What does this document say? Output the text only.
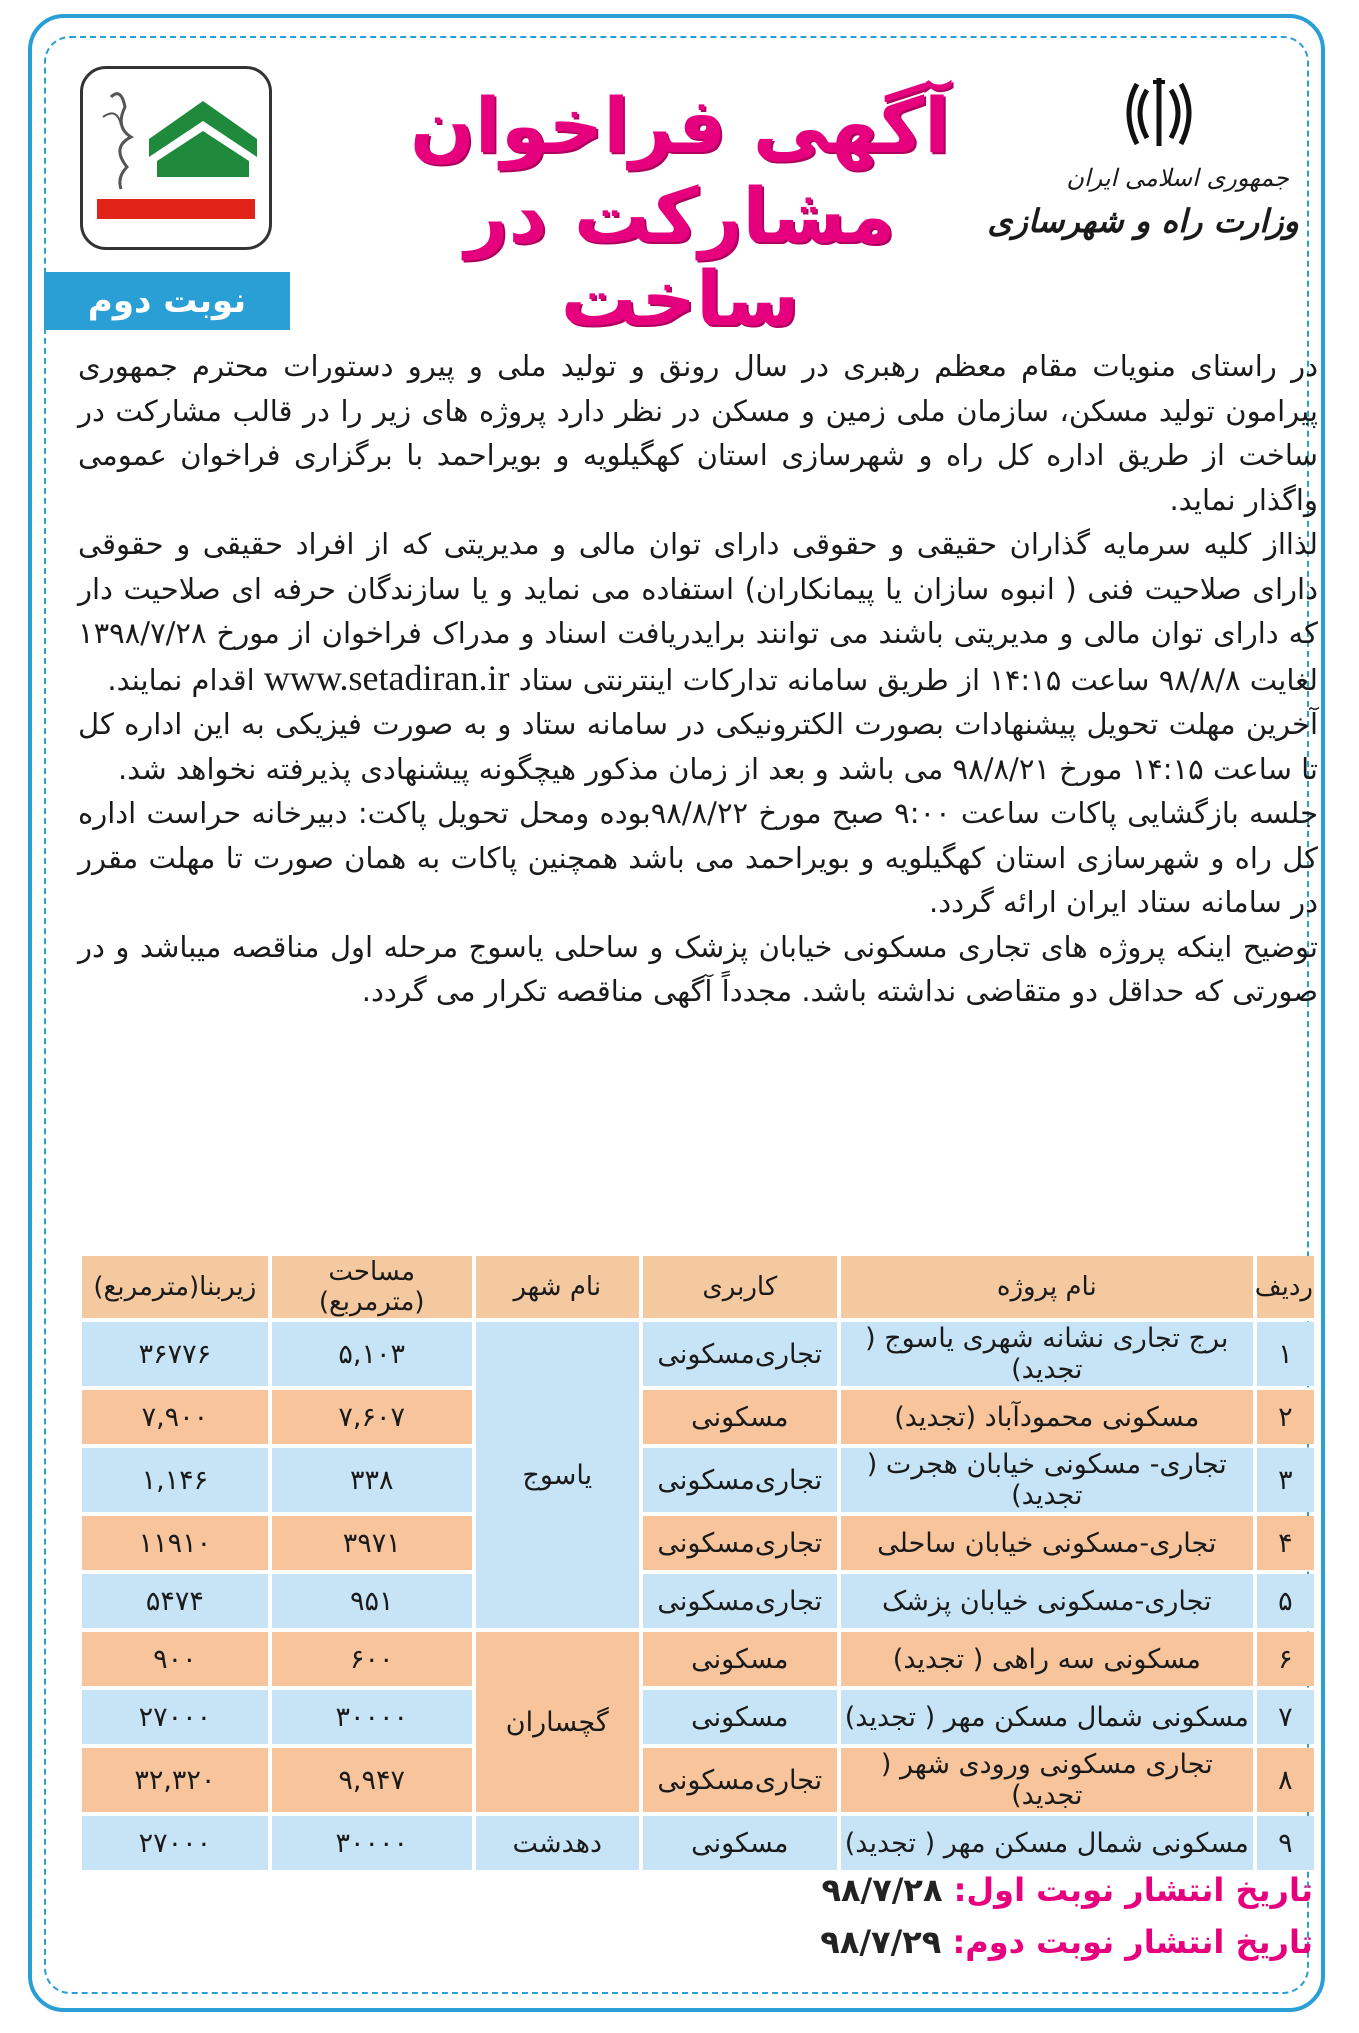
جمهوری اسلامی ایران
وزارت راه و شهرسازی
آگهی فراخوان
مشارکت در ساخت
نوبت دوم

در راستای منویات مقام معظم رهبری در سال رونق و تولید ملی و پیرو دستورات محترم جمهوری پیرامون تولید مسکن، سازمان ملی زمین و مسکن در نظر دارد پروژه های زیر را در قالب مشارکت در ساخت از طریق اداره کل راه و شهرسازی استان کهگیلویه و بویراحمد با برگزاری فراخوان عمومی واگذار نماید.

لذااز کلیه سرمایه گذاران حقیقی و حقوقی دارای توان مالی و مدیریتی که از افراد حقیقی و حقوقی دارای صلاحیت فنی ( انبوه سازان یا پیمانکاران) استفاده می نماید و یا سازندگان حرفه ای صلاحیت دار که دارای توان مالی و مدیریتی باشند می توانند برایدریافت اسناد و مدراک فراخوان از مورخ ۱۳۹۸/۷/۲۸ لغایت ۹۸/۸/۸ ساعت ۱۴:۱۵ از طریق سامانه تدارکات اینترنتی ستاد www.setadiran.ir اقدام نمایند.

آخرین مهلت تحویل پیشنهادات بصورت الکترونیکی در سامانه ستاد و به صورت فیزیکی به این اداره کل تا ساعت ۱۴:۱۵ مورخ ۹۸/۸/۲۱ می باشد و بعد از زمان مذکور هیچگونه پیشنهادی پذیرفته نخواهد شد.

جلسه بازگشایی پاکات ساعت ۹:۰۰ صبح مورخ ۹۸/۸/۲۲بوده ومحل تحویل پاکت: دبیرخانه حراست اداره کل راه و شهرسازی استان کهگیلویه و بویراحمد می باشد همچنین پاکات به همان صورت تا مهلت مقرر در سامانه ستاد ایران ارائه گردد.

توضیح اینکه پروژه های تجاری مسکونی خیابان پزشک و ساحلی یاسوج مرحله اول مناقصه میباشد و در صورتی که حداقل دو متقاضی نداشته باشد. مجدداً آگهی مناقصه تکرار می گردد.

ردیف	نام پروژه	کاربری	نام شهر	مساحت (مترمربع)	زیربنا(مترمربع)
۱	برج تجاری نشانه شهری یاسوج ( تجدید)	تجاری‌مسکونی	یاسوج	۵,۱۰۳	۳۶۷۷۶
۲	مسکونی محمودآباد (تجدید)	مسکونی		۷,۶۰۷	۷,۹۰۰
۳	تجاری- مسکونی خیابان هجرت ( تجدید)	تجاری‌مسکونی		۳۳۸	۱,۱۴۶
۴	تجاری-مسکونی خیابان ساحلی	تجاری‌مسکونی		۳۹۷۱	۱۱۹۱۰
۵	تجاری-مسکونی خیابان پزشک	تجاری‌مسکونی		۹۵۱	۵۴۷۴
۶	مسکونی سه راهی ( تجدید)	مسکونی	گچساران	۶۰۰	۹۰۰
۷	مسکونی شمال مسکن مهر ( تجدید)	مسکونی		۳۰۰۰۰	۲۷۰۰۰
۸	تجاری مسکونی ورودی شهر ( تجدید)	تجاری‌مسکونی		۹,۹۴۷	۳۲,۳۲۰
۹	مسکونی شمال مسکن مهر ( تجدید)	مسکونی	دهدشت	۳۰۰۰۰	۲۷۰۰۰
تاریخ انتشار نوبت اول: ۹۸/۷/۲۸
تاریخ انتشار نوبت دوم: ۹۸/۷/۲۹
